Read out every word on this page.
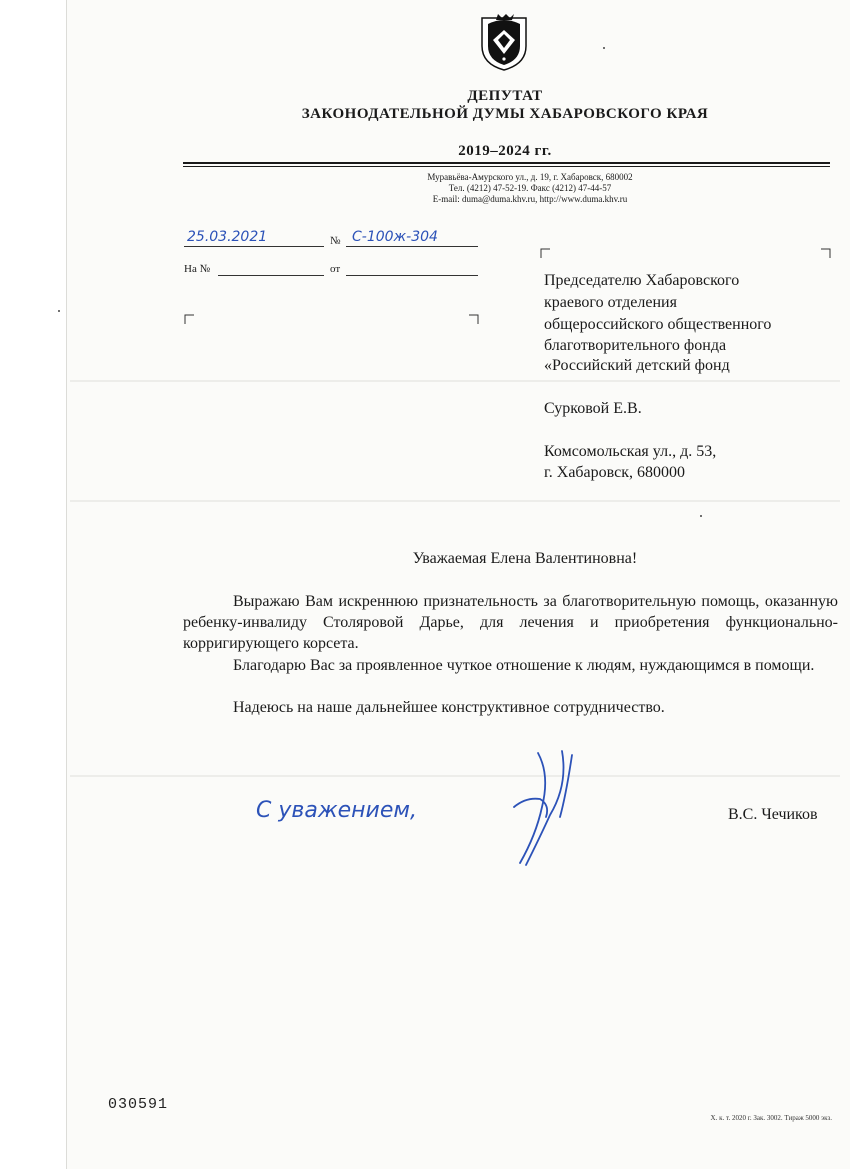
ДЕПУТАТ
ЗАКОНОДАТЕЛЬНОЙ ДУМЫ ХАБАРОВСКОГО КРАЯ
2019–2024 гг.
Муравьёва-Амурского ул., д. 19, г. Хабаровск, 680002
Тел. (4212) 47-52-19. Факс (4212) 47-44-57
E-mail: duma@duma.khv.ru, http://www.duma.khv.ru
25.03.2021	№ С-100ж-304
На №	от
Председателю Хабаровского
краевого отделения
общероссийского общественного
благотворительного фонда
«Российский детский фонд
Сурковой Е.В.
Комсомольская ул., д. 53,
г. Хабаровск, 680000
Уважаемая Елена Валентиновна!
Выражаю Вам искреннюю признательность за благотворительную помощь, оказанную ребенку-инвалиду Столяровой Дарье, для лечения и приобретения функционально-корригирующего корсета.
Благодарю Вас за проявленное чуткое отношение к людям, нуждающимся в помощи.
Надеюсь на наше дальнейшее конструктивное сотрудничество.
С уважением,	В.С. Чечиков
030591
Х. к. т. 2020 г. Зак. 3002. Тираж 5000 экз.
